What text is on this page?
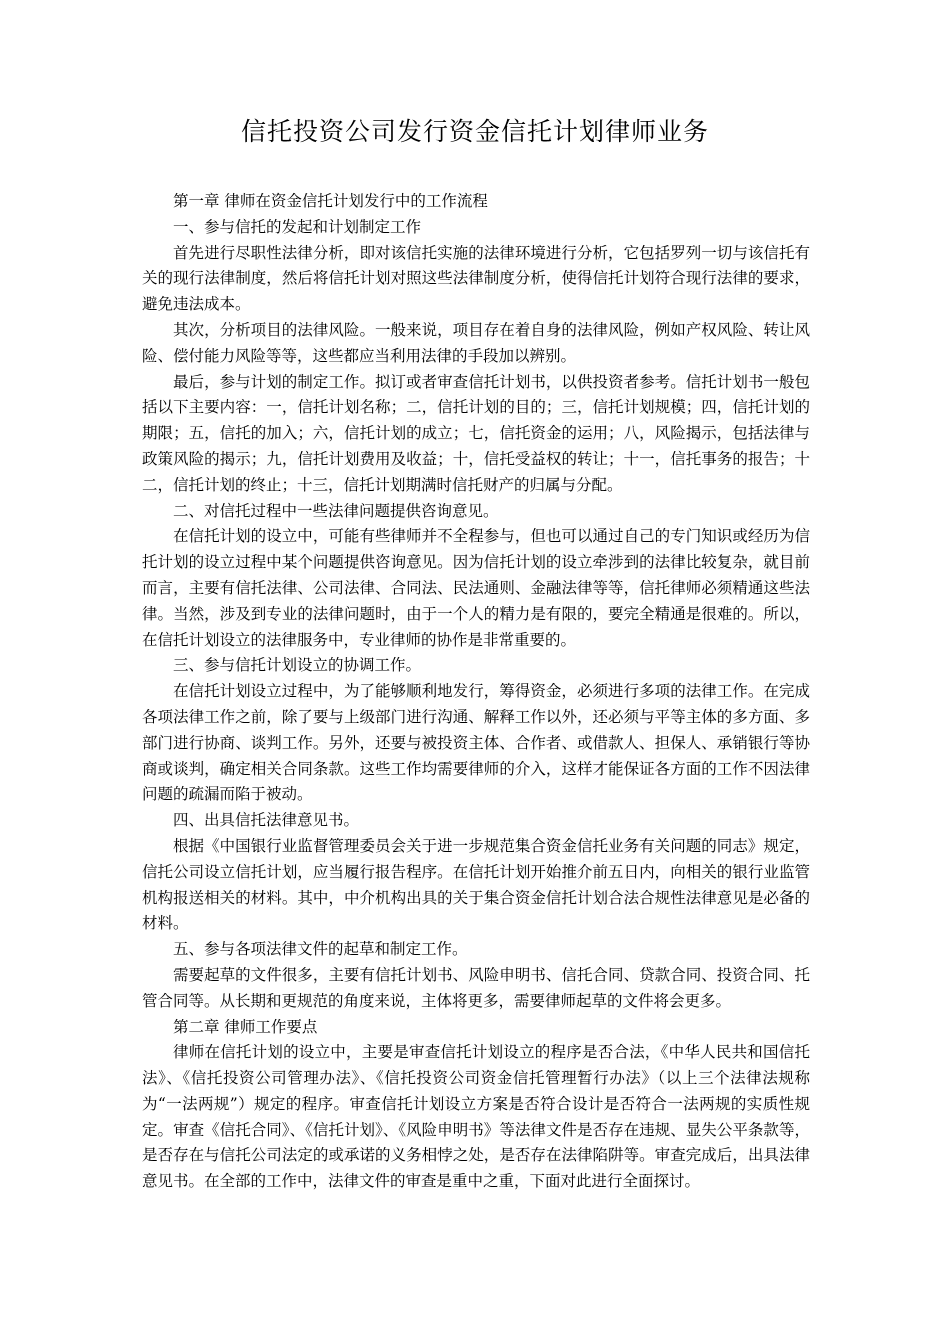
信托投资公司发行资金信托计划律师业务

第一章 律师在资金信托计划发行中的工作流程

一、参与信托的发起和计划制定工作

首先进行尽职性法律分析，即对该信托实施的法律环境进行分析，它包括罗列一切与该信托有关的现行法律制度，然后将信托计划对照这些法律制度分析，使得信托计划符合现行法律的要求，避免违法成本。

其次，分析项目的法律风险。一般来说，项目存在着自身的法律风险，例如产权风险、转让风险、偿付能力风险等等，这些都应当利用法律的手段加以辨别。

最后，参与计划的制定工作。拟订或者审查信托计划书，以供投资者参考。信托计划书一般包括以下主要内容：一，信托计划名称；二，信托计划的目的；三，信托计划规模；四，信托计划的期限；五，信托的加入；六，信托计划的成立；七，信托资金的运用；八，风险揭示，包括法律与政策风险的揭示；九，信托计划费用及收益；十，信托受益权的转让；十一，信托事务的报告；十二，信托计划的终止；十三，信托计划期满时信托财产的归属与分配。

二、对信托过程中一些法律问题提供咨询意见。

在信托计划的设立中，可能有些律师并不全程参与，但也可以通过自己的专门知识或经历为信托计划的设立过程中某个问题提供咨询意见。因为信托计划的设立牵涉到的法律比较复杂，就目前而言，主要有信托法律、公司法律、合同法、民法通则、金融法律等等，信托律师必须精通这些法律。当然，涉及到专业的法律问题时，由于一个人的精力是有限的，要完全精通是很难的。所以，在信托计划设立的法律服务中，专业律师的协作是非常重要的。

三、参与信托计划设立的协调工作。

在信托计划设立过程中，为了能够顺利地发行，筹得资金，必须进行多项的法律工作。在完成各项法律工作之前，除了要与上级部门进行沟通、解释工作以外，还必须与平等主体的多方面、多部门进行协商、谈判工作。另外，还要与被投资主体、合作者、或借款人、担保人、承销银行等协商或谈判，确定相关合同条款。这些工作均需要律师的介入，这样才能保证各方面的工作不因法律问题的疏漏而陷于被动。

四、出具信托法律意见书。

根据《中国银行业监督管理委员会关于进一步规范集合资金信托业务有关问题的同志》规定，信托公司设立信托计划，应当履行报告程序。在信托计划开始推介前五日内，向相关的银行业监管机构报送相关的材料。其中，中介机构出具的关于集合资金信托计划合法合规性法律意见是必备的材料。

五、参与各项法律文件的起草和制定工作。

需要起草的文件很多，主要有信托计划书、风险申明书、信托合同、贷款合同、投资合同、托管合同等。从长期和更规范的角度来说，主体将更多，需要律师起草的文件将会更多。

第二章 律师工作要点

律师在信托计划的设立中，主要是审查信托计划设立的程序是否合法，《中华人民共和国信托法》、《信托投资公司管理办法》、《信托投资公司资金信托管理暂行办法》（以上三个法律法规称为“一法两规”）规定的程序。审查信托计划设立方案是否符合设计是否符合一法两规的实质性规定。审查《信托合同》、《信托计划》、《风险申明书》等法律文件是否存在违规、显失公平条款等，是否存在与信托公司法定的或承诺的义务相悖之处，是否存在法律陷阱等。审查完成后，出具法律意见书。在全部的工作中，法律文件的审查是重中之重，下面对此进行全面探讨。
